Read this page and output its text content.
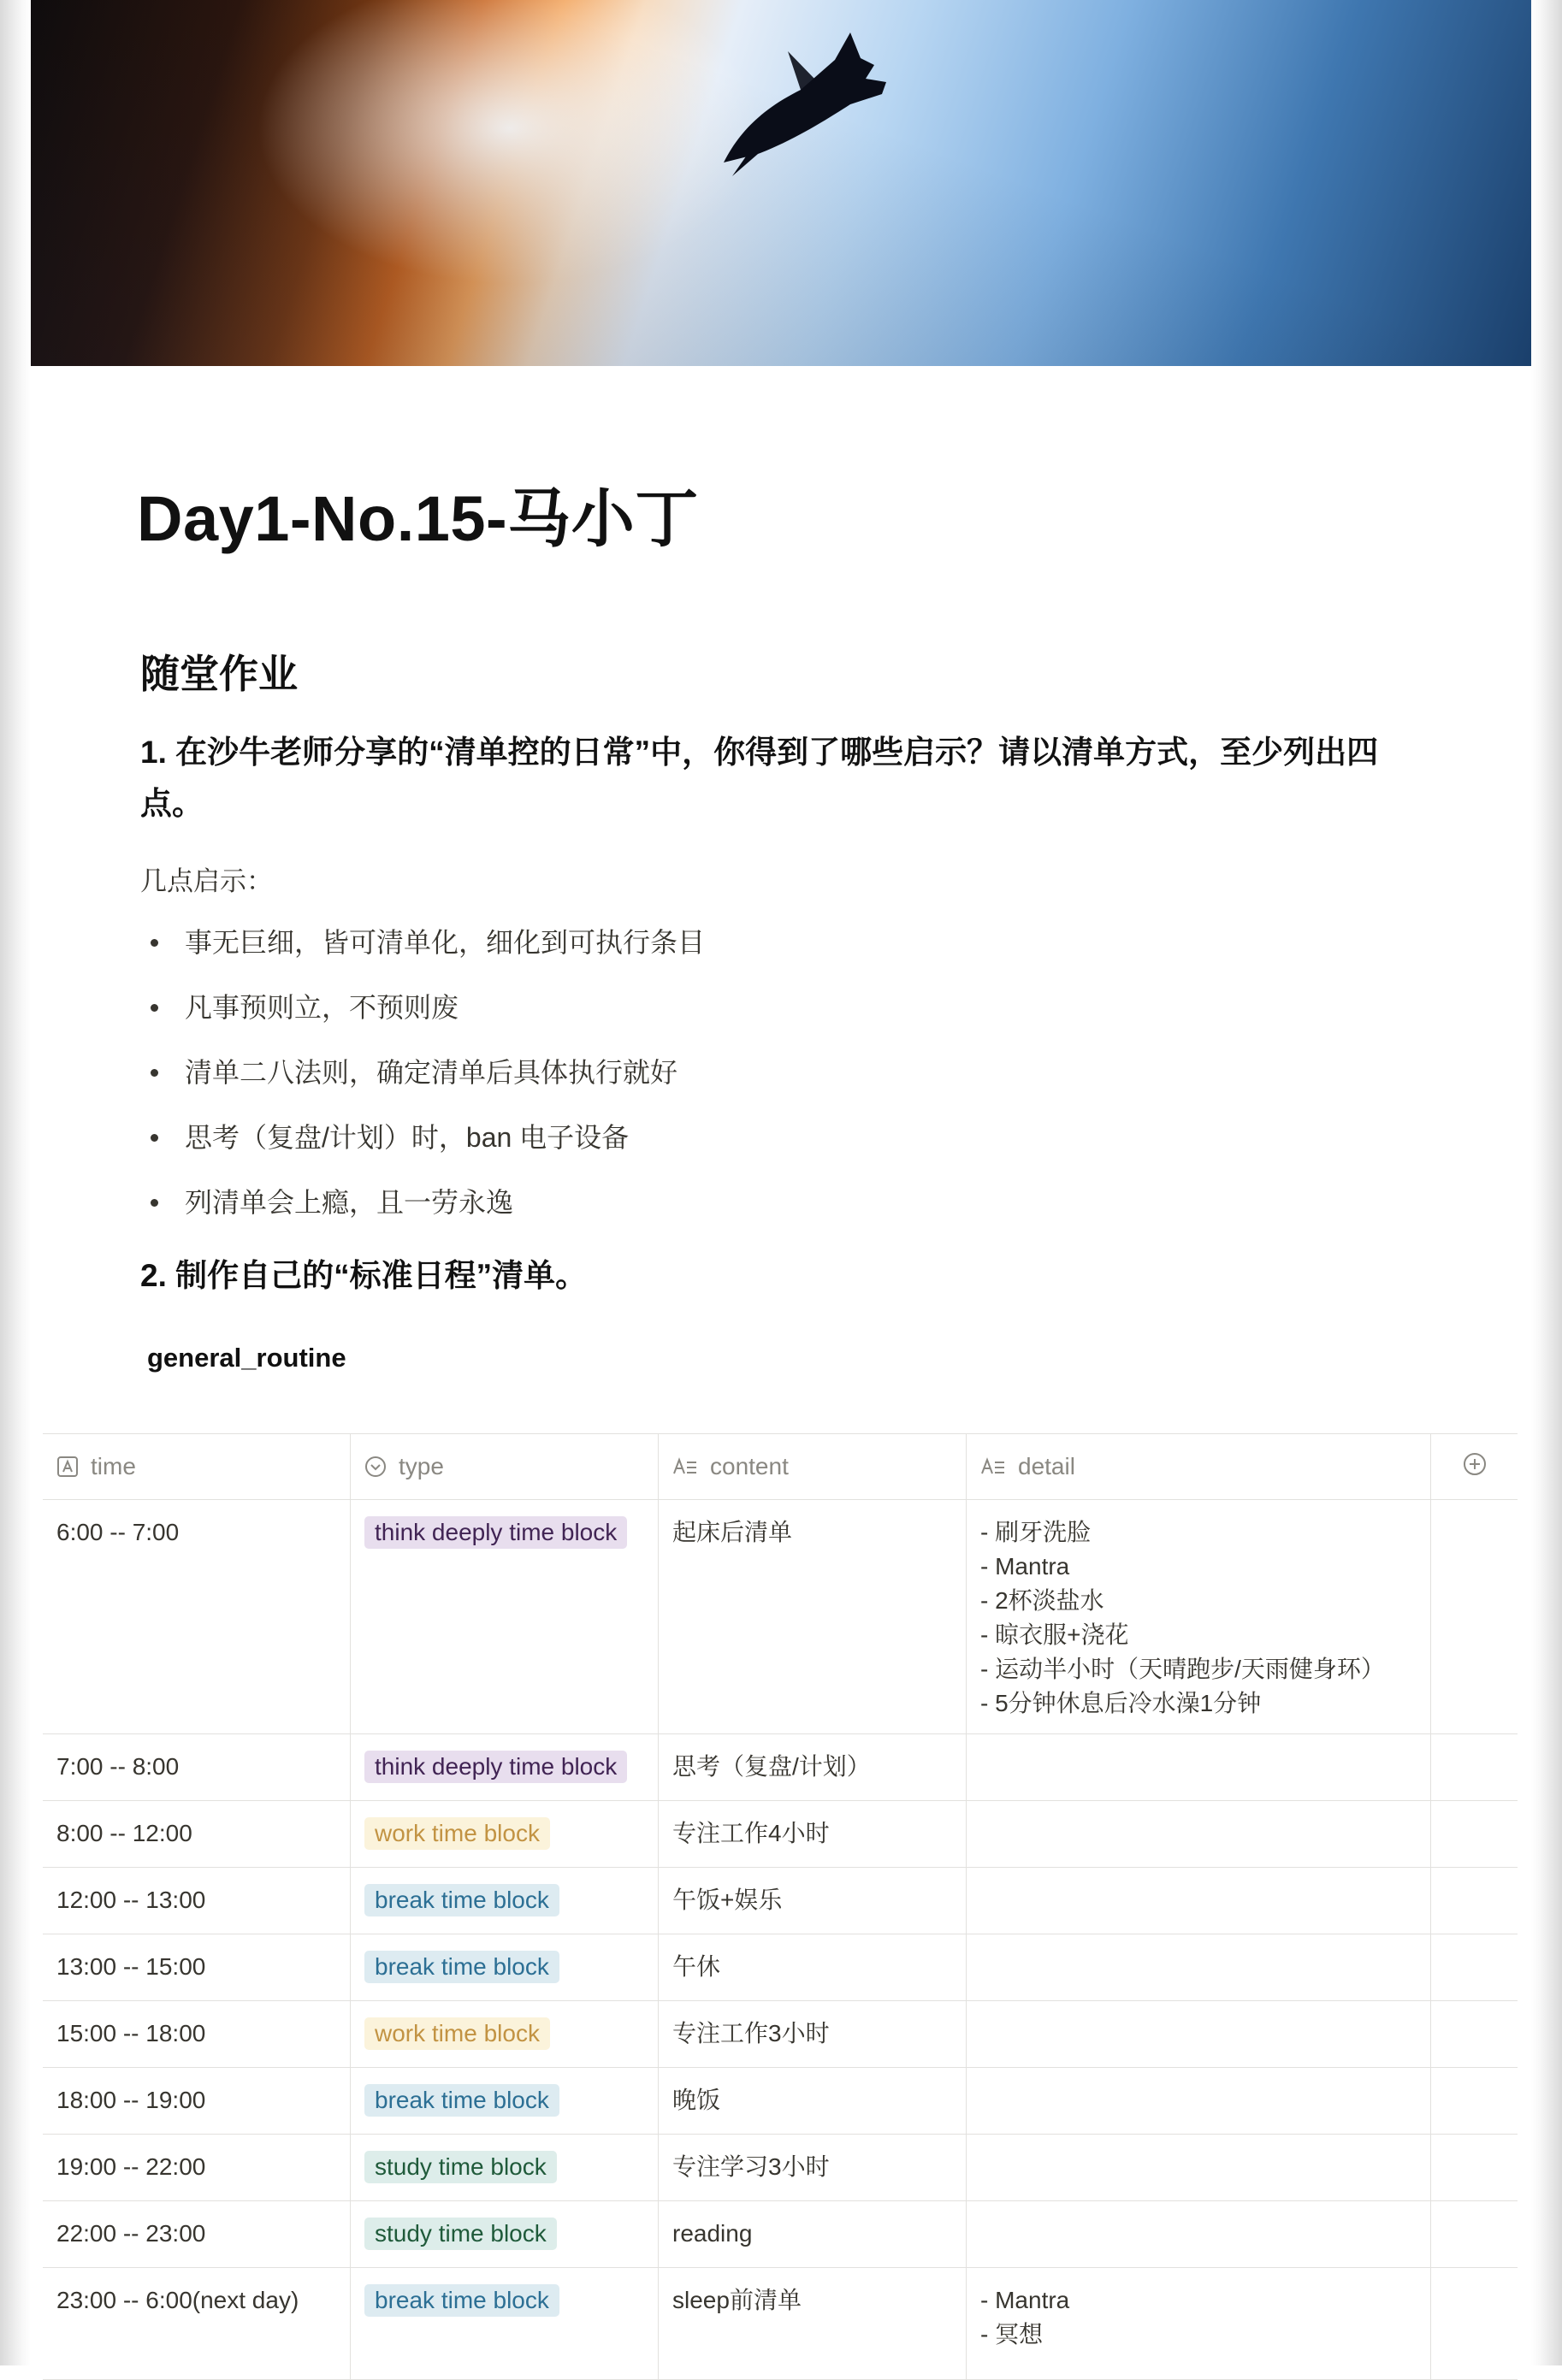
Day1-No.15-马小丁
随堂作业
1. 在沙牛老师分享的“清单控的日常”中，你得到了哪些启示？请以清单方式，至少列出四点。

几点启示：

事无巨细，皆可清单化，细化到可执行条目
凡事预则立，不预则废
清单二八法则，确定清单后具体执行就好
思考（复盘/计划）时，ban 电子设备
列清单会上瘾，且一劳永逸
2. 制作自己的“标准日程”清单。
general_routine
time	type	content	detail
6:00 -- 7:00	think deeply time block	起床后清单	- 刷牙洗脸
- Mantra
- 2杯淡盐水
- 晾衣服+浇花
- 运动半小时（天晴跑步/天雨健身环）
- 5分钟休息后冷水澡1分钟
7:00 -- 8:00	think deeply time block	思考（复盘/计划）
8:00 -- 12:00	work time block	专注工作4小时
12:00 -- 13:00	break time block	午饭+娱乐
13:00 -- 15:00	break time block	午休
15:00 -- 18:00	work time block	专注工作3小时
18:00 -- 19:00	break time block	晚饭
19:00 -- 22:00	study time block	专注学习3小时
22:00 -- 23:00	study time block	reading
23:00 -- 6:00(next day)	break time block	sleep前清单	- Mantra
- 冥想
